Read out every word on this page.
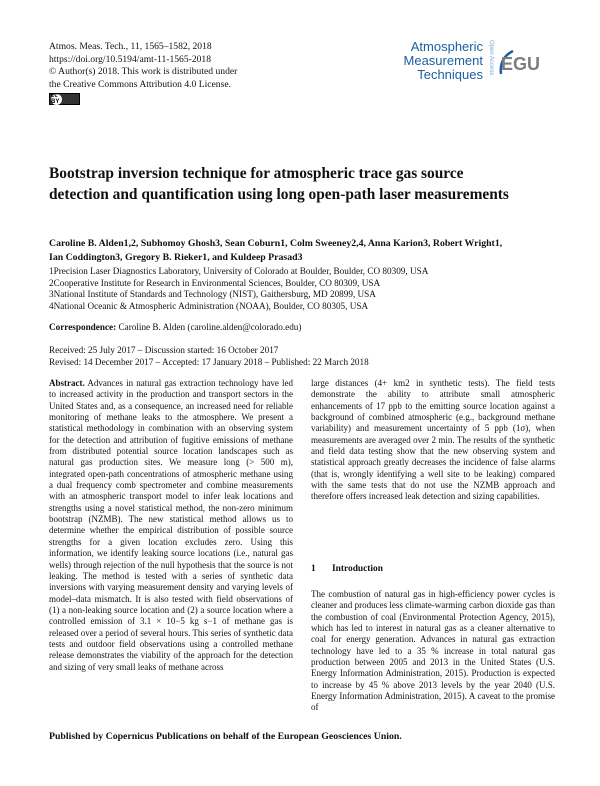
Atmos. Meas. Tech., 11, 1565–1582, 2018
https://doi.org/10.5194/amt-11-1565-2018
© Author(s) 2018. This work is distributed under
the Creative Commons Attribution 4.0 License.
cc BY
Atmospheric
Measurement
Techniques Open Access EGU
Bootstrap inversion technique for atmospheric trace gas source detection and quantification using long open-path laser measurements
Caroline B. Alden1,2, Subhomoy Ghosh3, Sean Coburn1, Colm Sweeney2,4, Anna Karion3, Robert Wright1,
Ian Coddington3, Gregory B. Rieker1, and Kuldeep Prasad3
1Precision Laser Diagnostics Laboratory, University of Colorado at Boulder, Boulder, CO 80309, USA
2Cooperative Institute for Research in Environmental Sciences, Boulder, CO 80309, USA
3National Institute of Standards and Technology (NIST), Gaithersburg, MD 20899, USA
4National Oceanic & Atmospheric Administration (NOAA), Boulder, CO 80305, USA
Correspondence: Caroline B. Alden (caroline.alden@colorado.edu)
Received: 25 July 2017 – Discussion started: 16 October 2017
Revised: 14 December 2017 – Accepted: 17 January 2018 – Published: 22 March 2018
Abstract. Advances in natural gas extraction technology have led to increased activity in the production and transport sectors in the United States and, as a consequence, an increased need for reliable monitoring of methane leaks to the atmosphere. We present a statistical methodology in combination with an observing system for the detection and attribution of fugitive emissions of methane from distributed potential source location landscapes such as natural gas production sites. We measure long (> 500 m), integrated open-path concentrations of atmospheric methane using a dual frequency comb spectrometer and combine measurements with an atmospheric transport model to infer leak locations and strengths using a novel statistical method, the non-zero minimum bootstrap (NZMB). The new statistical method allows us to determine whether the empirical distribution of possible source strengths for a given location excludes zero. Using this information, we identify leaking source locations (i.e., natural gas wells) through rejection of the null hypothesis that the source is not leaking. The method is tested with a series of synthetic data inversions with varying measurement density and varying levels of model–data mismatch. It is also tested with field observations of (1) a non-leaking source location and (2) a source location where a controlled emission of 3.1 × 10−5 kg s−1 of methane gas is released over a period of several hours. This series of synthetic data tests and outdoor field observations using a controlled methane release demonstrates the viability of the approach for the detection and sizing of very small leaks of methane across
large distances (4+ km2 in synthetic tests). The field tests demonstrate the ability to attribute small atmospheric enhancements of 17 ppb to the emitting source location against a background of combined atmospheric (e.g., background methane variability) and measurement uncertainty of 5 ppb (1σ), when measurements are averaged over 2 min. The results of the synthetic and field data testing show that the new observing system and statistical approach greatly decreases the incidence of false alarms (that is, wrongly identifying a well site to be leaking) compared with the same tests that do not use the NZMB approach and therefore offers increased leak detection and sizing capabilities.
1 Introduction
The combustion of natural gas in high-efficiency power cycles is cleaner and produces less climate-warming carbon dioxide gas than the combustion of coal (Environmental Protection Agency, 2015), which has led to interest in natural gas as a cleaner alternative to coal for energy generation. Advances in natural gas extraction technology have led to a 35 % increase in total natural gas production between 2005 and 2013 in the United States (U.S. Energy Information Administration, 2015). Production is expected to increase by 45 % above 2013 levels by the year 2040 (U.S. Energy Information Administration, 2015). A caveat to the promise of
Published by Copernicus Publications on behalf of the European Geosciences Union.
